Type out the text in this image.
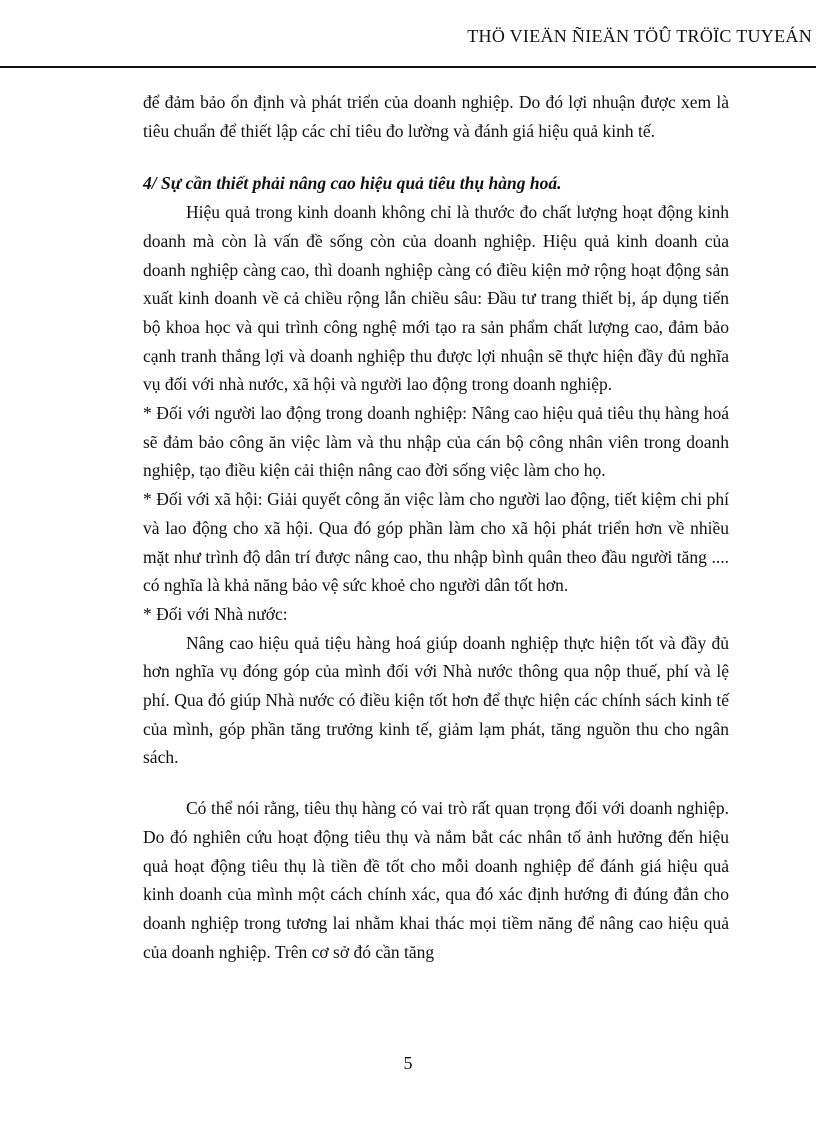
THÖ VIEÄN ÑIEÄN TÖÛ TRÖÏC TUYEÁN

để đảm bảo ổn định và phát triển của doanh nghiệp. Do đó lợi nhuận được xem là tiêu chuẩn để thiết lập các chỉ tiêu đo lường và đánh giá hiệu quả kinh tế.

4/ Sự cần thiết phải nâng cao hiệu quả tiêu thụ hàng hoá.

Hiệu quả trong kinh doanh không chỉ là thước đo chất lượng hoạt động kinh doanh mà còn là vấn đề sống còn của doanh nghiệp. Hiệu quả kinh doanh của doanh nghiệp càng cao, thì doanh nghiệp càng có điều kiện mở rộng hoạt động sản xuất kinh doanh về cả chiều rộng lẫn chiều sâu: Đầu tư trang thiết bị, áp dụng tiến bộ khoa học và qui trình công nghệ mới tạo ra sản phẩm chất lượng cao, đảm bảo cạnh tranh thắng lợi và doanh nghiệp thu được lợi nhuận sẽ thực hiện đầy đủ nghĩa vụ đối với nhà nước, xã hội và người lao động trong doanh nghiệp.

* Đối với người lao động trong doanh nghiệp: Nâng cao hiệu quả tiêu thụ hàng hoá sẽ đảm bảo công ăn việc làm và thu nhập của cán bộ công nhân viên trong doanh nghiệp, tạo điều kiện cải thiện nâng cao đời sống việc làm cho họ.

* Đối với xã hội: Giải quyết công ăn việc làm cho người lao động, tiết kiệm chi phí và lao động cho xã hội. Qua đó góp phần làm cho xã hội phát triển hơn về nhiều mặt như trình độ dân trí được nâng cao, thu nhập bình quân theo đầu người tăng .... có nghĩa là khả năng bảo vệ sức khoẻ cho người dân tốt hơn.

* Đối với Nhà nước:

Nâng cao hiệu quả tiệu hàng hoá giúp doanh nghiệp thực hiện tốt và đầy đủ hơn nghĩa vụ đóng góp của mình đối với Nhà nước thông qua nộp thuế, phí và lệ phí. Qua đó giúp Nhà nước có điều kiện tốt hơn để thực hiện các chính sách kinh tế của mình, góp phần tăng trưởng kinh tế, giảm lạm phát, tăng nguồn thu cho ngân sách.

Có thể nói rằng, tiêu thụ hàng có vai trò rất quan trọng đối với doanh nghiệp. Do đó nghiên cứu hoạt động tiêu thụ và nắm bắt các nhân tố ảnh hưởng đến hiệu quả hoạt động tiêu thụ là tiền đề tốt cho mỗi doanh nghiệp để đánh giá hiệu quả kinh doanh của mình một cách chính xác, qua đó xác định hướng đi đúng đắn cho doanh nghiệp trong tương lai nhằm khai thác mọi tiềm năng để nâng cao hiệu quả của doanh nghiệp. Trên cơ sở đó cần tăng

5
